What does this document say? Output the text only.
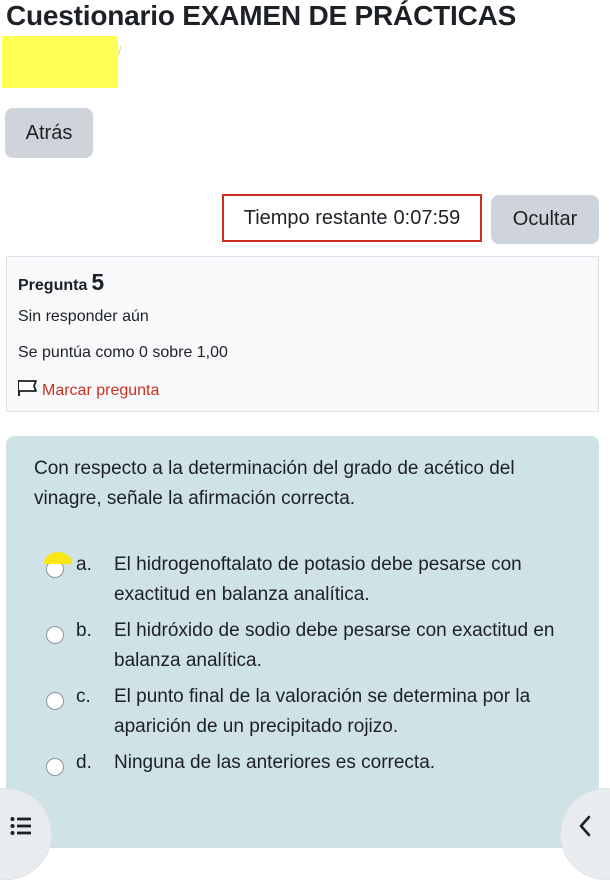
Cuestionario EXAMEN DE PRÁCTICAS
/
Atrás
Tiempo restante 0:07:59	Ocultar
Pregunta 5
Sin responder aún
Se puntúa como 0 sobre 1,00
Marcar pregunta

Con respecto a la determinación del grado de acético del vinagre, señale la afirmación correcta.

a. El hidrogenoftalato de potasio debe pesarse con exactitud en balanza analítica.
b. El hidróxido de sodio debe pesarse con exactitud en balanza analítica.
c. El punto final de la valoración se determina por la aparición de un precipitado rojizo.
d. Ninguna de las anteriores es correcta.
